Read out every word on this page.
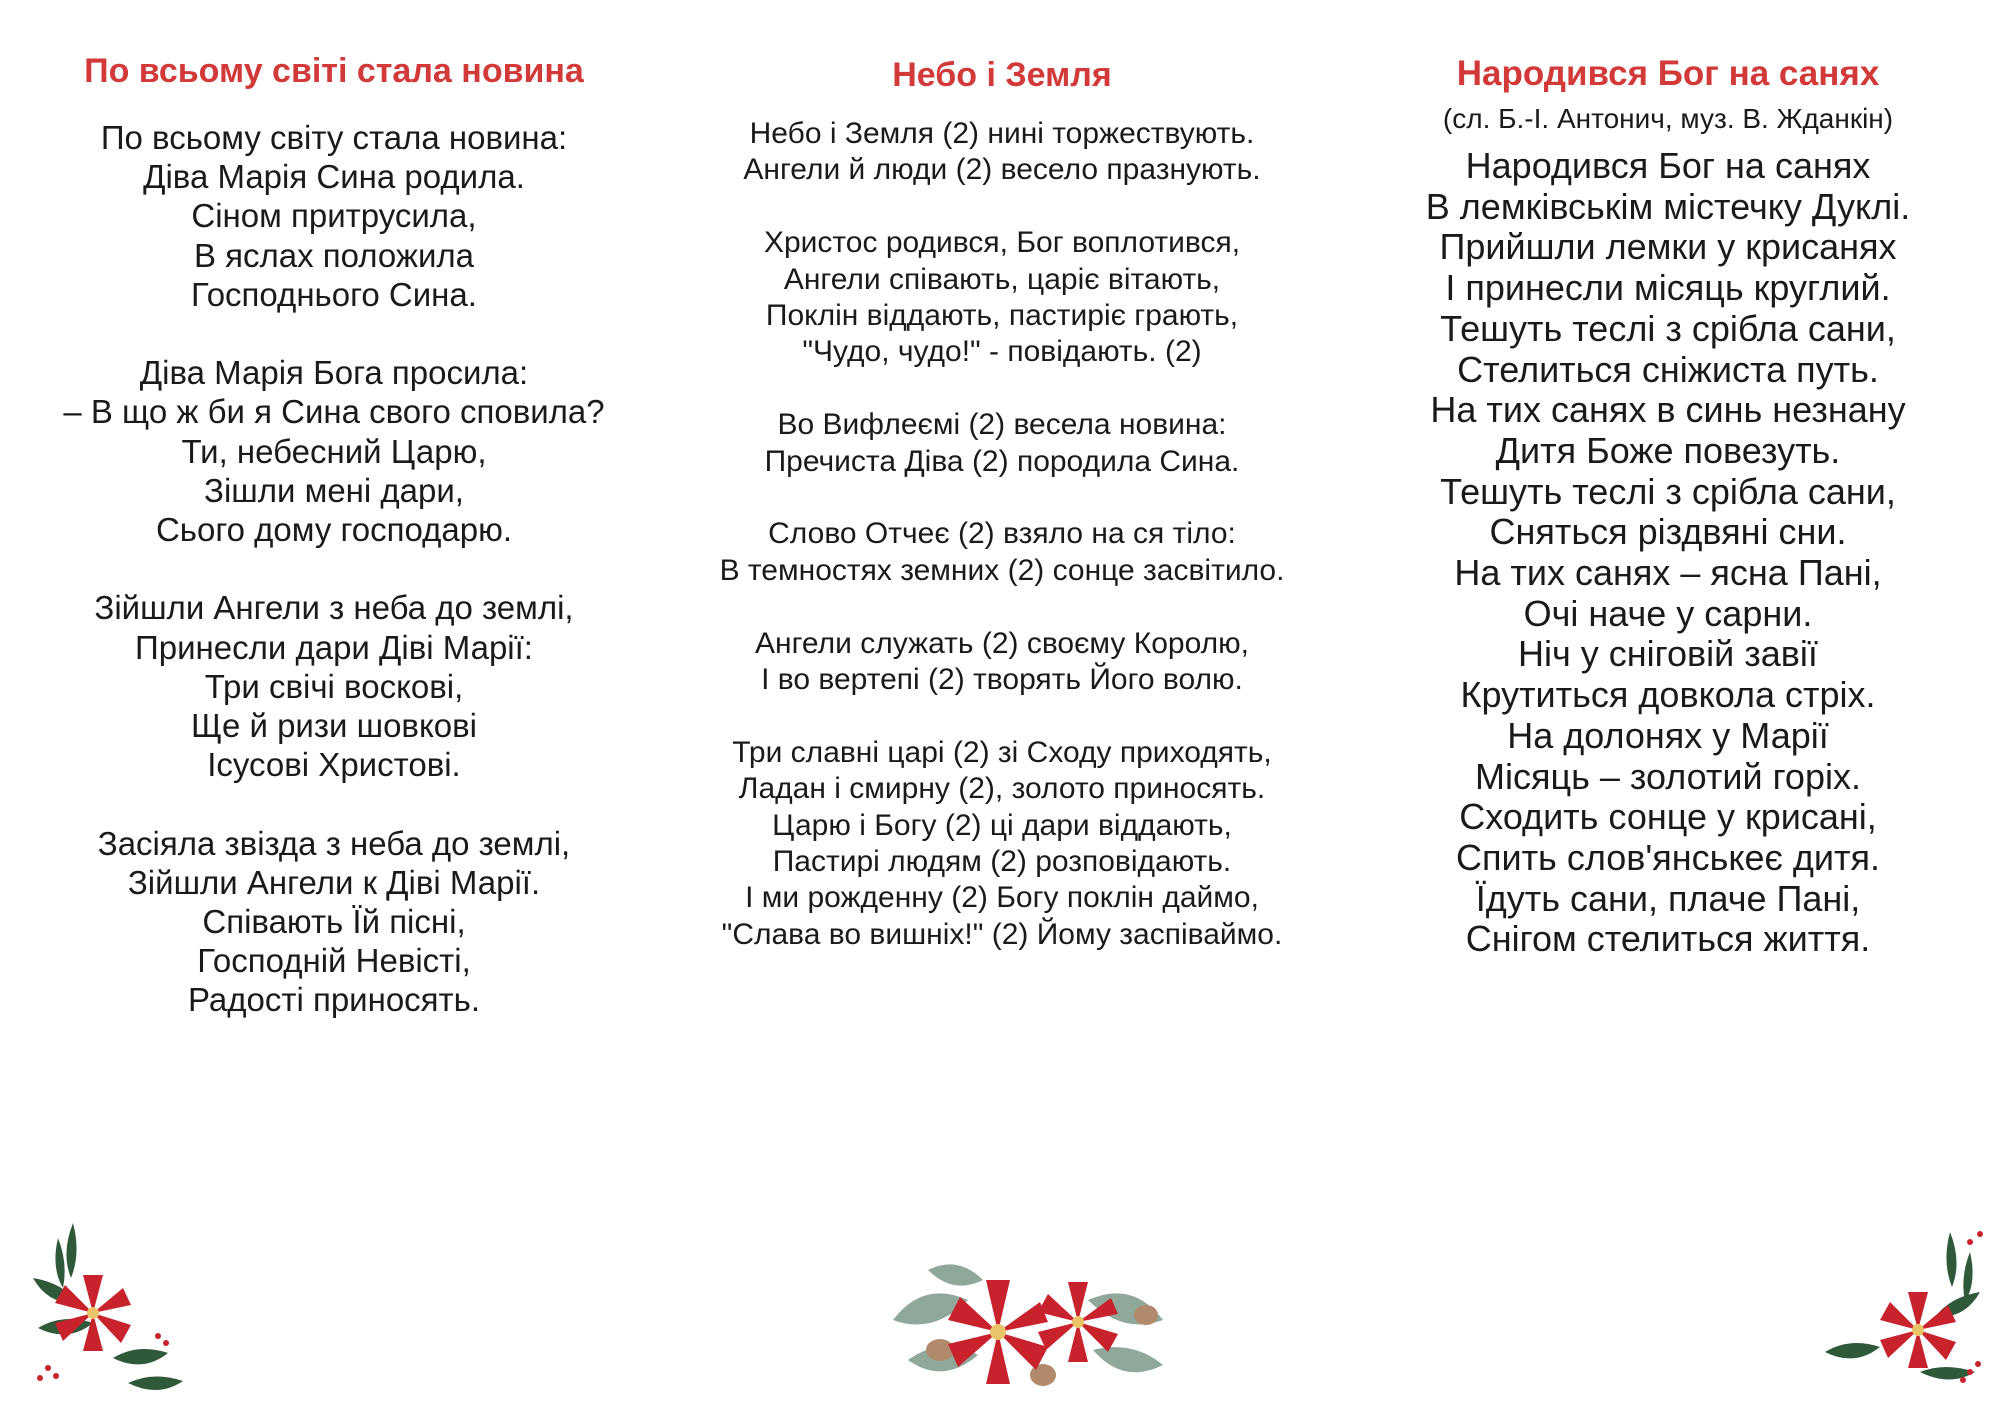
По всьому світі стала новина
По всьому світу стала новина:
Діва Марія Сина родила.
Сіном притрусила,
В яслах положила
Господнього Сина.
Діва Марія Бога просила:
– В що ж би я Сина свого сповила?
Ти, небесний Царю,
Зішли мені дари,
Сього дому господарю.
Зійшли Ангели з неба до землі,
Принесли дари Діві Марії:
Три свічі воскові,
Ще й ризи шовкові
Ісусові Христові.
Засіяла звізда з неба до землі,
Зійшли Ангели к Діві Марії.
Співають Їй пісні,
Господній Невісті,
Радості приносять.
Небо і Земля
Небо і Земля (2) нині торжествують.
Ангели й люди (2) весело празнують.
Христос родився, Бог воплотився,
Ангели співають, царіє вітають,
Поклін віддають, пастиріє грають,
"Чудо, чудо!" - повідають. (2)
Во Вифлеємі (2) весела новина:
Пречиста Діва (2) породила Сина.
Слово Отчеє (2) взяло на ся тіло:
В темностях земних (2) сонце засвітило.
Ангели служать (2) своєму Королю,
І во вертепі (2) творять Його волю.
Три славні царі (2) зі Сходу приходять,
Ладан і смирну (2), золото приносять.
Царю і Богу (2) ці дари віддають,
Пастирі людям (2) розповідають.
І ми рожденну (2) Богу поклін даймо,
"Слава во вишніх!" (2) Йому заспіваймо.
Народився Бог на санях
(сл. Б.-І. Антонич, муз. В. Жданкін)
Народився Бог на санях
В лемківськім містечку Дуклі.
Прийшли лемки у крисанях
І принесли місяць круглий.
Тешуть теслі з срібла сани,
Стелиться сніжиста путь.
На тих санях в синь незнану
Дитя Боже повезуть.
Тешуть теслі з срібла сани,
Сняться різдвяні сни.
На тих санях – ясна Пані,
Очі наче у сарни.
Ніч у сніговій завії
Крутиться довкола стріх.
На долонях у Марії
Місяць – золотий горіх.
Сходить сонце у крисані,
Спить слов'янськеє дитя.
Їдуть сани, плаче Пані,
Снігом стелиться життя.
